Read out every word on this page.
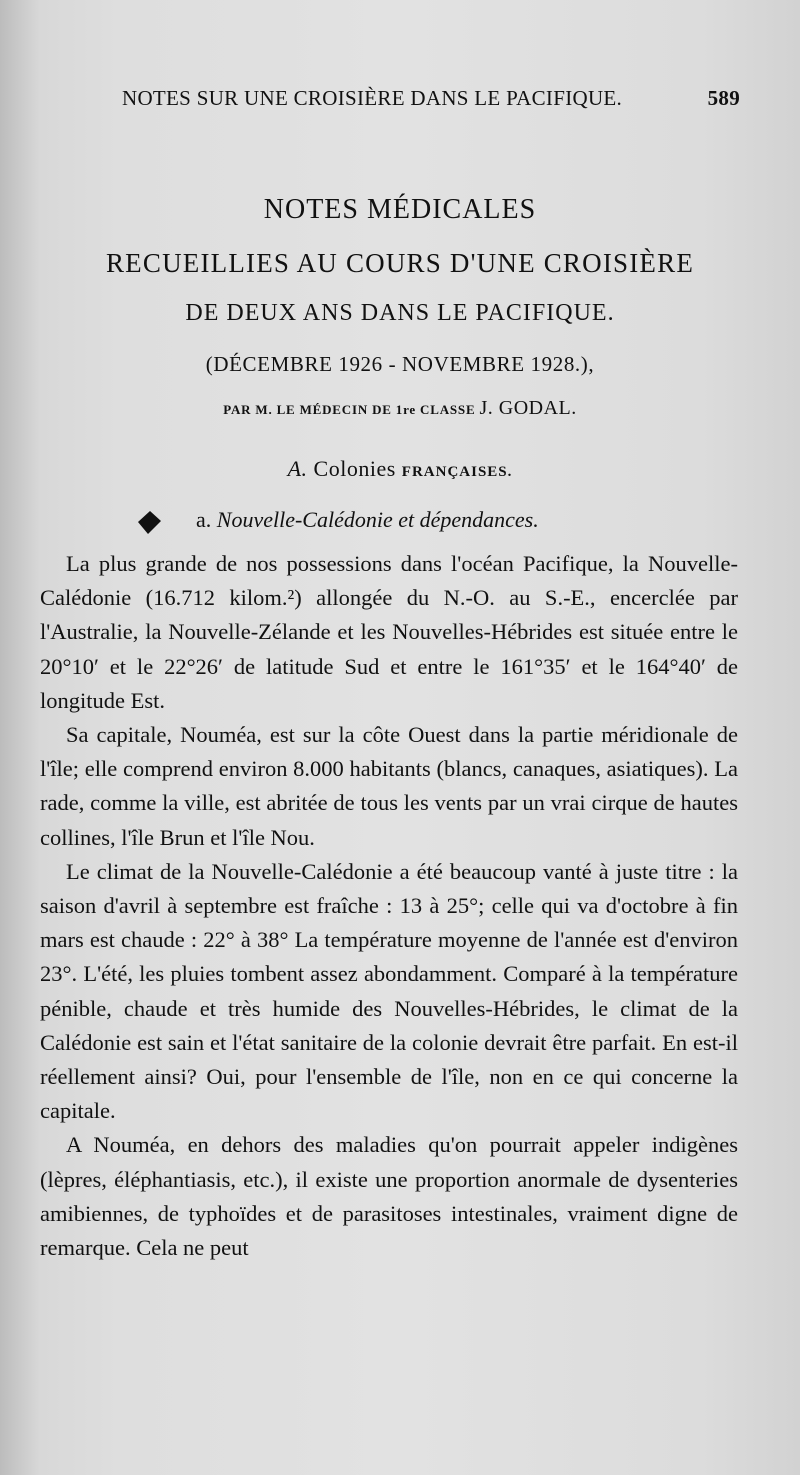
NOTES SUR UNE CROISIÈRE DANS LE PACIFIQUE.	589
NOTES MÉDICALES
RECUEILLIES AU COURS D'UNE CROISIÈRE
DE DEUX ANS DANS LE PACIFIQUE.
(DÉCEMBRE 1926 - NOVEMBRE 1928.),
PAR M. LE MÉDECIN DE 1re CLASSE J. GODAL.
A. Colonies FRANÇAISES.
a. Nouvelle-Calédonie et dépendances.

La plus grande de nos possessions dans l'océan Pacifique, la Nouvelle-Calédonie (16.712 kilom.²) allongée du N.-O. au S.-E., encerclée par l'Australie, la Nouvelle-Zélande et les Nouvelles-Hébrides est située entre le 20°10′ et le 22°26′ de latitude Sud et entre le 161°35′ et le 164°40′ de longitude Est.

Sa capitale, Nouméa, est sur la côte Ouest dans la partie méridionale de l'île; elle comprend environ 8.000 habitants (blancs, canaques, asiatiques). La rade, comme la ville, est abritée de tous les vents par un vrai cirque de hautes collines, l'île Brun et l'île Nou.

Le climat de la Nouvelle-Calédonie a été beaucoup vanté à juste titre : la saison d'avril à septembre est fraîche : 13 à 25°; celle qui va d'octobre à fin mars est chaude : 22° à 38° La température moyenne de l'année est d'environ 23°. L'été, les pluies tombent assez abondamment. Comparé à la température pénible, chaude et très humide des Nouvelles-Hébrides, le climat de la Calédonie est sain et l'état sanitaire de la colonie devrait être parfait. En est-il réellement ainsi? Oui, pour l'ensemble de l'île, non en ce qui concerne la capitale.

A Nouméa, en dehors des maladies qu'on pourrait appeler indigènes (lèpres, éléphantiasis, etc.), il existe une proportion anormale de dysenteries amibiennes, de typhoïdes et de parasitoses intestinales, vraiment digne de remarque. Cela ne peut
